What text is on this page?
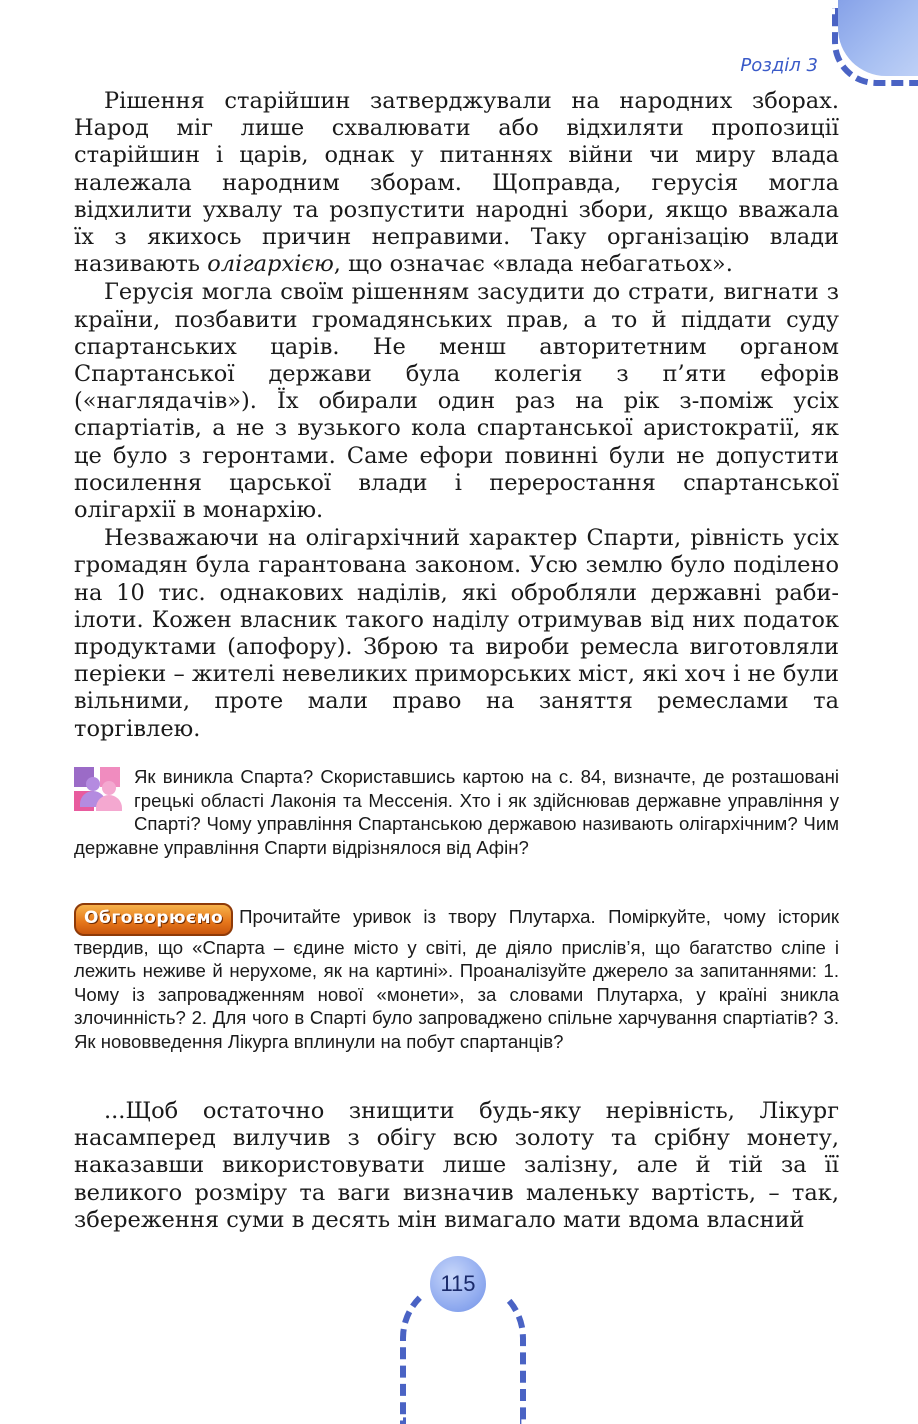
Розділ 3

Рішення старійшин затверджували на народних зборах. Народ міг лише схвалювати або відхиляти пропозиції старійшин і царів, однак у питаннях війни чи миру влада належала народним зборам. Щоправда, герусія могла відхилити ухвалу та розпустити народні збори, якщо вважала їх з якихось причин неправими. Таку організацію влади називають олігархією, що означає «влада небагатьох».

Герусія могла своїм рішенням засудити до страти, вигнати з країни, позбавити громадянських прав, а то й піддати суду спартанських царів. Не менш авторитетним органом Спартанської держави була колегія з п’яти ефорів («наглядачів»). Їх обирали один раз на рік з-поміж усіх спартіатів, а не з вузького кола спартанської аристократії, як це було з геронтами. Саме ефори повинні були не допустити посилення царської влади і переростання спартанської олігархії в монархію.

Незважаючи на олігархічний характер Спарти, рівність усіх громадян була гарантована законом. Усю землю було поділено на 10 тис. однакових наділів, які обробляли державні раби-ілоти. Кожен власник такого наділу отримував від них податок продуктами (апофору). Зброю та вироби ремесла виготовляли періеки – жителі невеликих приморських міст, які хоч і не були вільними, проте мали право на заняття ремеслами та торгівлею.

Як виникла Спарта? Скориставшись картою на с. 84, визначте, де розташовані грецькі області Лаконія та Мессенія. Хто і як здійснював державне управління у Спарті? Чому управління Спартанською державою називають олігархічним? Чим державне управління Спарти відрізнялося від Афін?
Обговорюємо Прочитайте уривок із твору Плутарха. Поміркуйте, чому історик твердив, що «Спарта – єдине місто у світі, де діяло прислів’я, що багатство сліпе і лежить неживе й нерухоме, як на картині». Проаналізуйте джерело за запитаннями: 1. Чому із запровадженням нової «монети», за словами Плутарха, у країні зникла злочинність? 2. Для чого в Спарті було запроваджено спільне харчування спартіатів? 3. Як нововведення Лікурга вплинули на побут спартанців?

...Щоб остаточно знищити будь-яку нерівність, Лікург насамперед вилучив з обігу всю золоту та срібну монету, наказавши використовувати лише залізну, але й тій за її великого розміру та ваги визначив маленьку вартість, – так, збереження суми в десять мін вимагало мати вдома власний

115
